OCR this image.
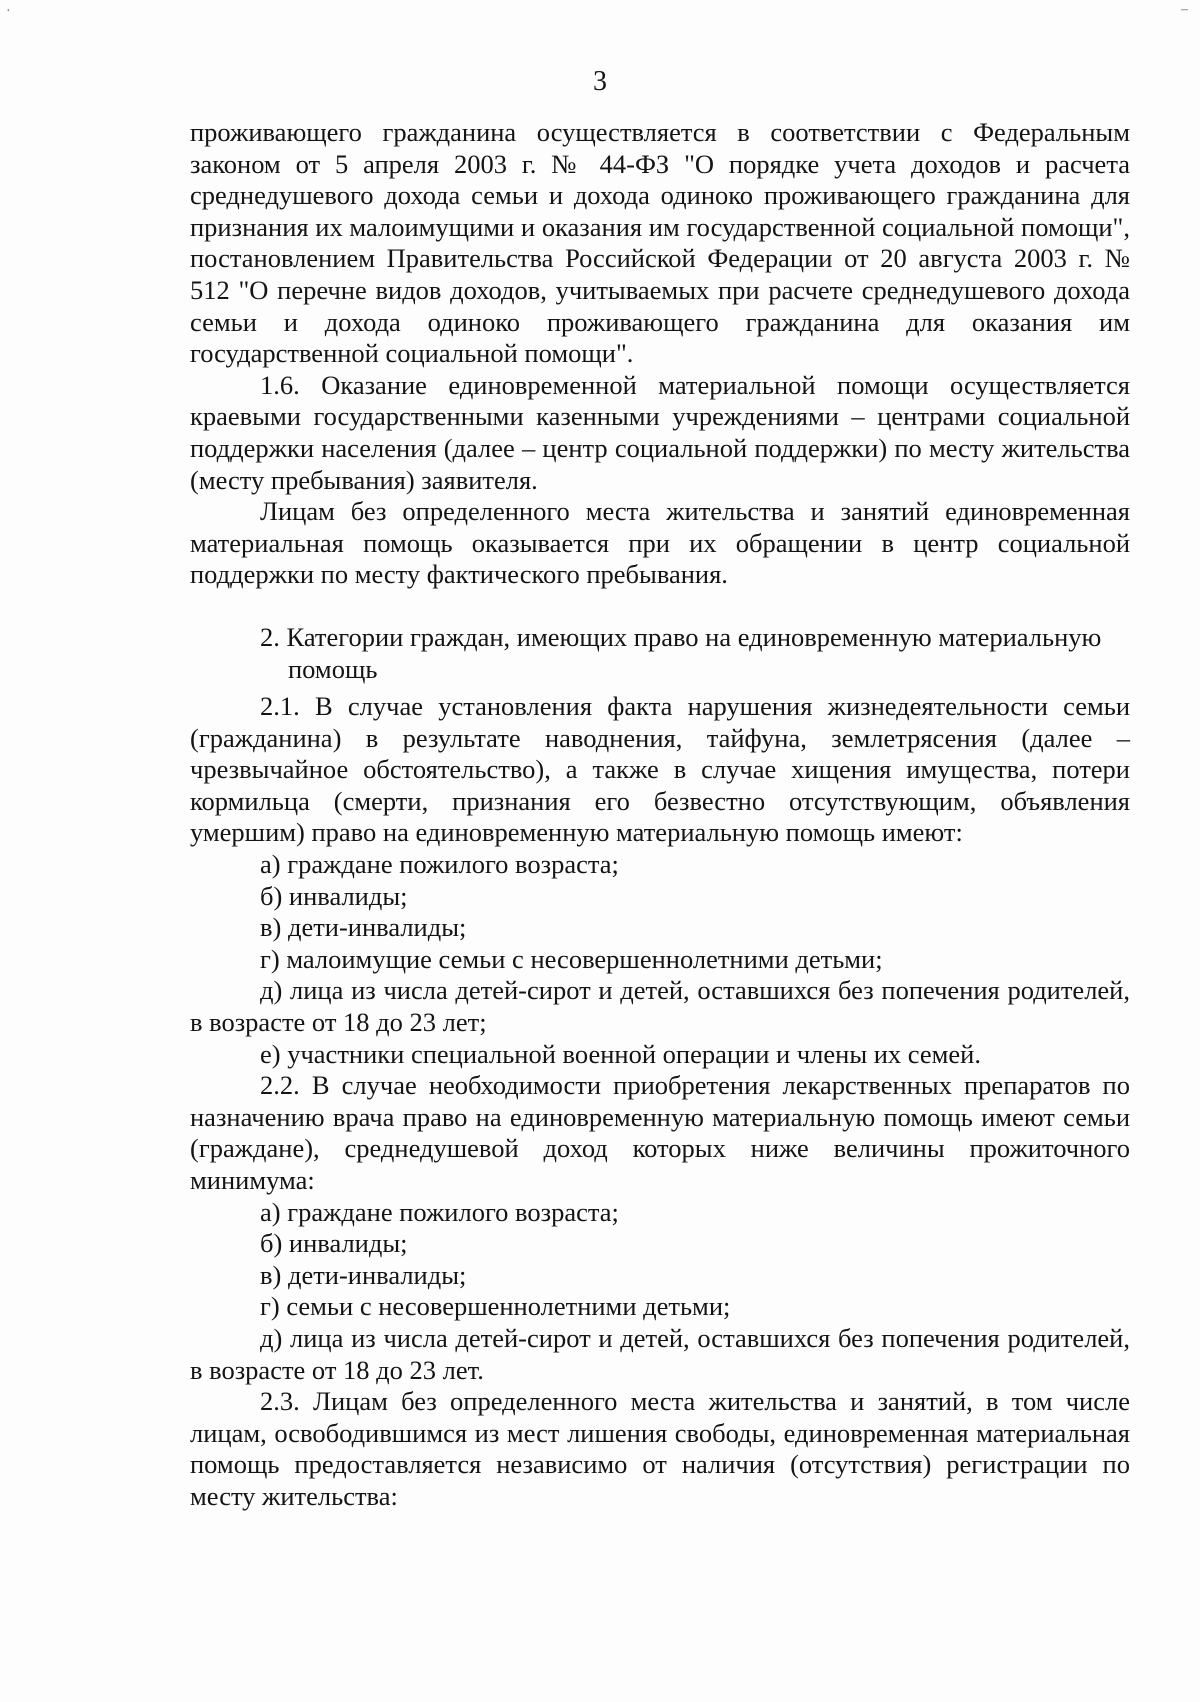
·	–
3

проживающего гражданина осуществляется в соответствии с Федеральным законом от 5 апреля 2003 г. № 44-ФЗ "О порядке учета доходов и расчета среднедушевого дохода семьи и дохода одиноко проживающего гражданина для признания их малоимущими и оказания им государственной социальной помощи", постановлением Правительства Российской Федерации от 20 августа 2003 г. № 512 "О перечне видов доходов, учитываемых при расчете среднедушевого дохода семьи и дохода одиноко проживающего гражданина для оказания им государственной социальной помощи".

1.6. Оказание единовременной материальной помощи осуществляется краевыми государственными казенными учреждениями – центрами социальной поддержки населения (далее – центр социальной поддержки) по месту жительства (месту пребывания) заявителя.

Лицам без определенного места жительства и занятий единовременная материальная помощь оказывается при их обращении в центр социальной поддержки по месту фактического пребывания.

2. Категории граждан, имеющих право на единовременную материальную
помощь

2.1. В случае установления факта нарушения жизнедеятельности семьи (гражданина) в результате наводнения, тайфуна, землетрясения (далее – чрезвычайное обстоятельство), а также в случае хищения имущества, потери кормильца (смерти, признания его безвестно отсутствующим, объявления умершим) право на единовременную материальную помощь имеют:

а) граждане пожилого возраста;

б) инвалиды;

в) дети-инвалиды;

г) малоимущие семьи с несовершеннолетними детьми;

д) лица из числа детей-сирот и детей, оставшихся без попечения родителей, в возрасте от 18 до 23 лет;

е) участники специальной военной операции и члены их семей.

2.2. В случае необходимости приобретения лекарственных препаратов по назначению врача право на единовременную материальную помощь имеют семьи (граждане), среднедушевой доход которых ниже величины прожиточного минимума:

а) граждане пожилого возраста;

б) инвалиды;

в) дети-инвалиды;

г) семьи с несовершеннолетними детьми;

д) лица из числа детей-сирот и детей, оставшихся без попечения родителей, в возрасте от 18 до 23 лет.

2.3. Лицам без определенного места жительства и занятий, в том числе лицам, освободившимся из мест лишения свободы, единовременная материальная помощь предоставляется независимо от наличия (отсутствия) регистрации по месту жительства:
